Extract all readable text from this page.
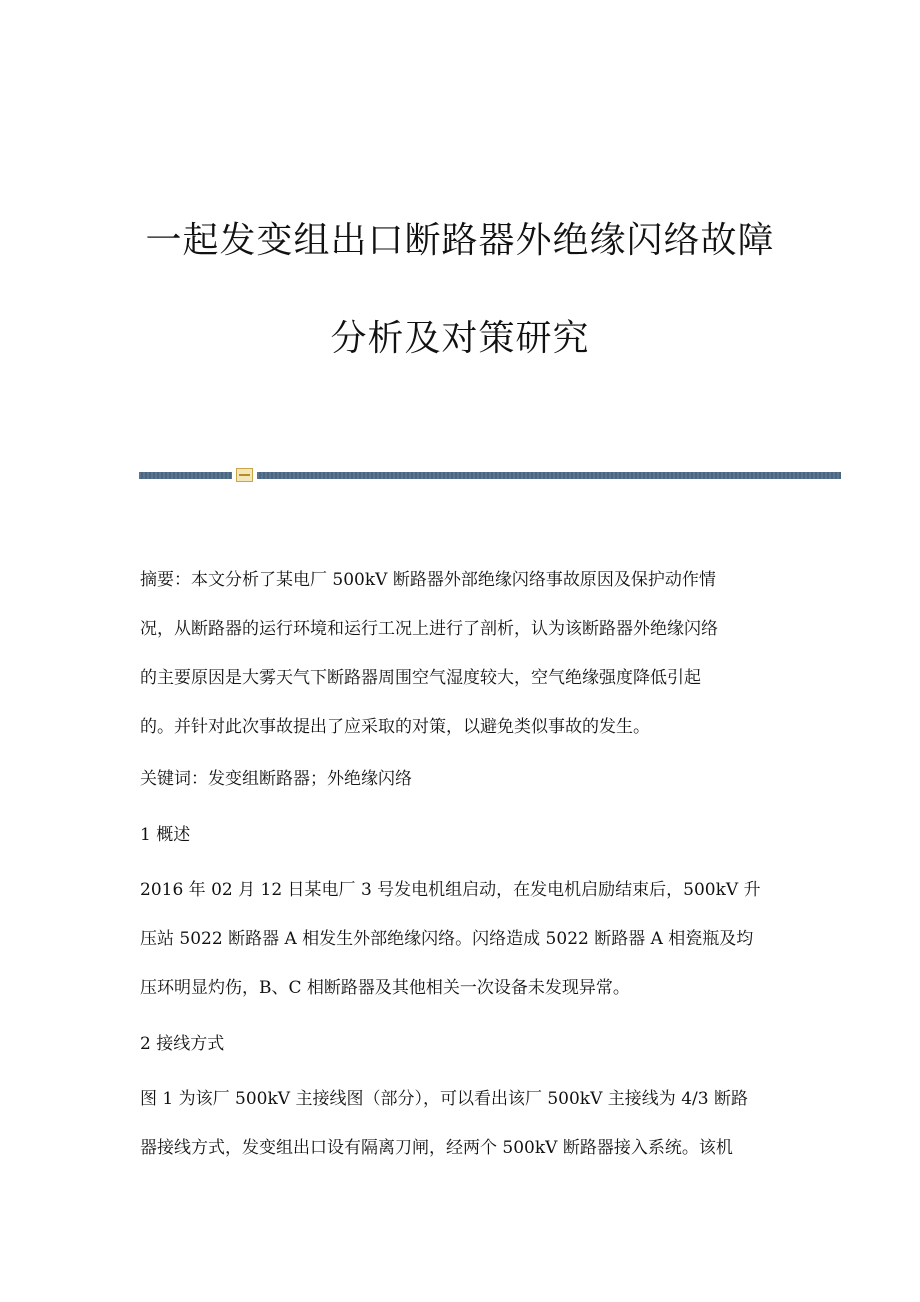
一起发变组出口断路器外绝缘闪络故障
分析及对策研究
摘要：本文分析了某电厂 500kV 断路器外部绝缘闪络事故原因及保护动作情
况，从断路器的运行环境和运行工况上进行了剖析，认为该断路器外绝缘闪络
的主要原因是大雾天气下断路器周围空气湿度较大，空气绝缘强度降低引起
的。并针对此次事故提出了应采取的对策，以避免类似事故的发生。
关键词：发变组断路器；外绝缘闪络
1 概述
2016 年 02 月 12 日某电厂 3 号发电机组启动，在发电机启励结束后，500kV 升
压站 5022 断路器 A 相发生外部绝缘闪络。闪络造成 5022 断路器 A 相瓷瓶及均
压环明显灼伤，B、C 相断路器及其他相关一次设备未发现异常。
2 接线方式
图 1 为该厂 500kV 主接线图（部分），可以看出该厂 500kV 主接线为 4/3 断路
器接线方式，发变组出口设有隔离刀闸，经两个 500kV 断路器接入系统。该机
